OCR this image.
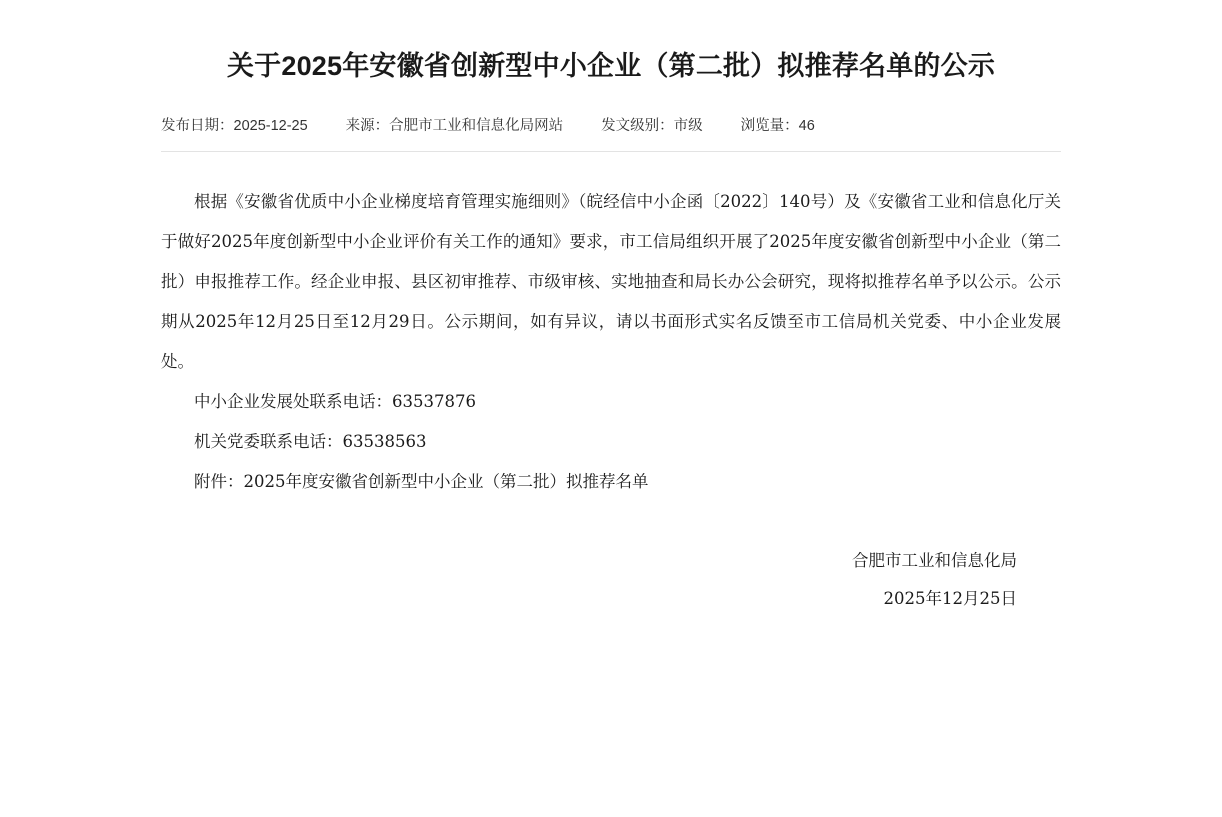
关于2025年安徽省创新型中小企业（第二批）拟推荐名单的公示
发布日期：2025-12-25	来源：合肥市工业和信息化局网站	发文级别：市级	浏览量：46

根据《安徽省优质中小企业梯度培育管理实施细则》（皖经信中小企函〔2022〕140号）及《安徽省工业和信息化厅关于做好2025年度创新型中小企业评价有关工作的通知》要求，市工信局组织开展了2025年度安徽省创新型中小企业（第二批）申报推荐工作。经企业申报、县区初审推荐、市级审核、实地抽查和局长办公会研究，现将拟推荐名单予以公示。公示期从2025年12月25日至12月29日。公示期间，如有异议，请以书面形式实名反馈至市工信局机关党委、中小企业发展处。

中小企业发展处联系电话：63537876

机关党委联系电话：63538563

附件：2025年度安徽省创新型中小企业（第二批）拟推荐名单

合肥市工业和信息化局
2025年12月25日
